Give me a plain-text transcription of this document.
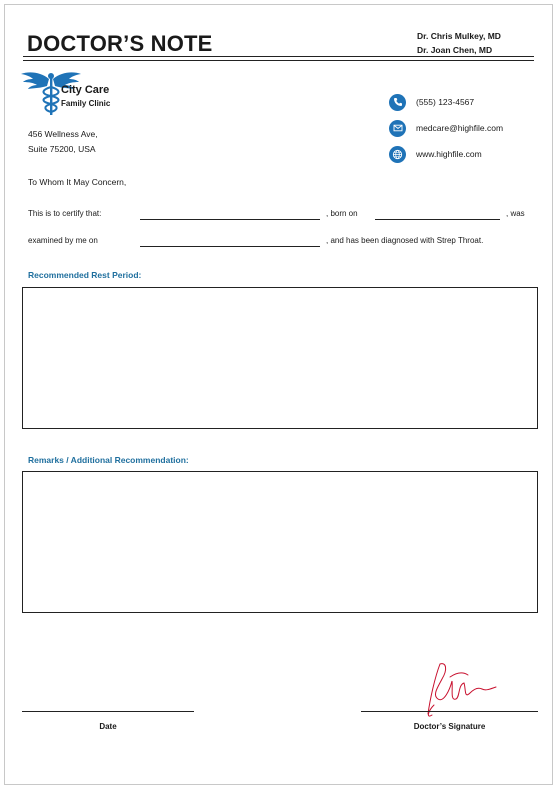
DOCTOR’S NOTE	Dr. Chris Mulkey, MD
Dr. Joan Chen, MD
City Care
Family Clinic
456 Wellness Ave,
Suite 75200, USA
(555) 123-4567
medcare@highfile.com
www.highfile.com
To Whom It May Concern,
This is to certify that:	, born on	, was
examined by me on	, and has been diagnosed with Strep Throat.
Recommended Rest Period:
Remarks / Additional Recommendation:
Date	Doctor’s Signature
